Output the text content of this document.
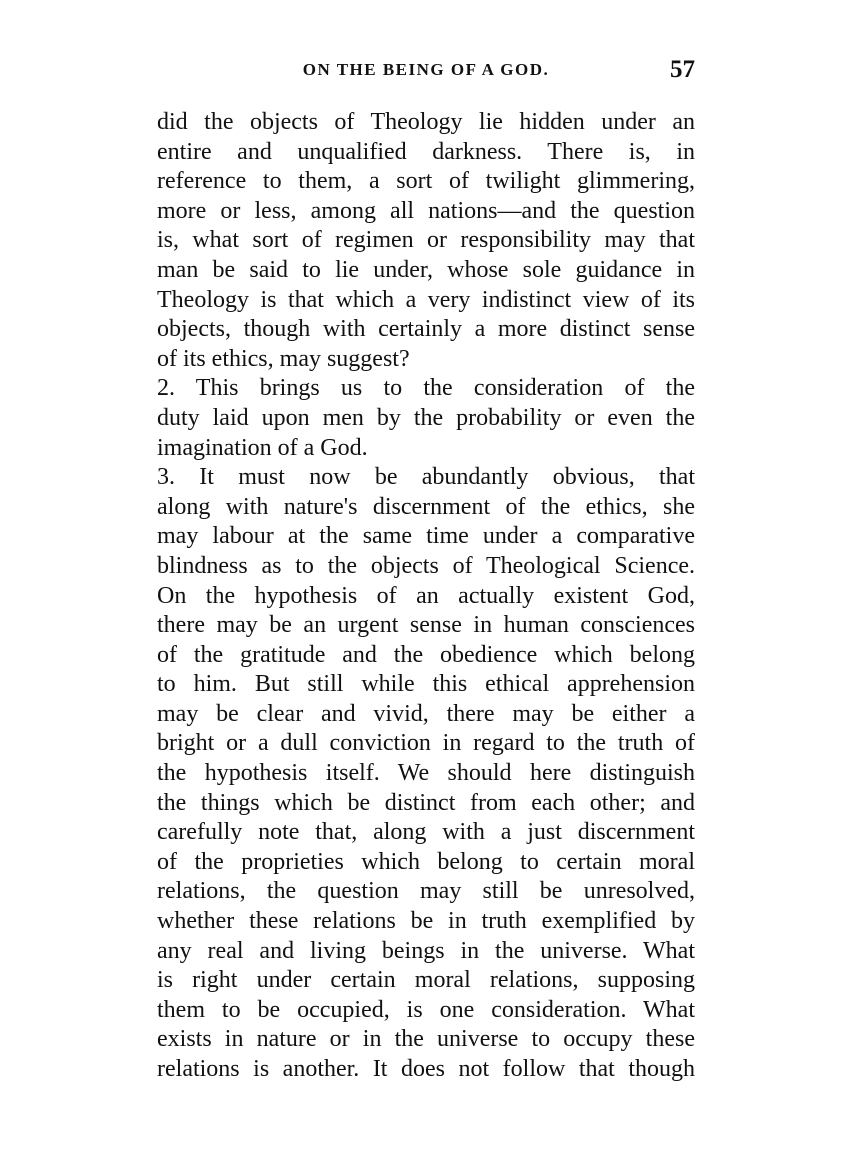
ON THE BEING OF A GOD.	57
did the objects of Theology lie hidden under an
entire and unqualified darkness. There is, in
reference to them, a sort of twilight glimmering,
more or less, among all nations—and the question
is, what sort of regimen or responsibility may that
man be said to lie under, whose sole guidance in
Theology is that which a very indistinct view of its
objects, though with certainly a more distinct sense
of its ethics, may suggest?
2. This brings us to the consideration of the
duty laid upon men by the probability or even the
imagination of a God.
3. It must now be abundantly obvious, that
along with nature's discernment of the ethics, she
may labour at the same time under a comparative
blindness as to the objects of Theological Science.
On the hypothesis of an actually existent God,
there may be an urgent sense in human consciences
of the gratitude and the obedience which belong
to him. But still while this ethical apprehension
may be clear and vivid, there may be either a
bright or a dull conviction in regard to the truth of
the hypothesis itself. We should here distinguish
the things which be distinct from each other; and
carefully note that, along with a just discernment
of the proprieties which belong to certain moral
relations, the question may still be unresolved,
whether these relations be in truth exemplified by
any real and living beings in the universe. What
is right under certain moral relations, supposing
them to be occupied, is one consideration. What
exists in nature or in the universe to occupy these
relations is another. It does not follow that though
